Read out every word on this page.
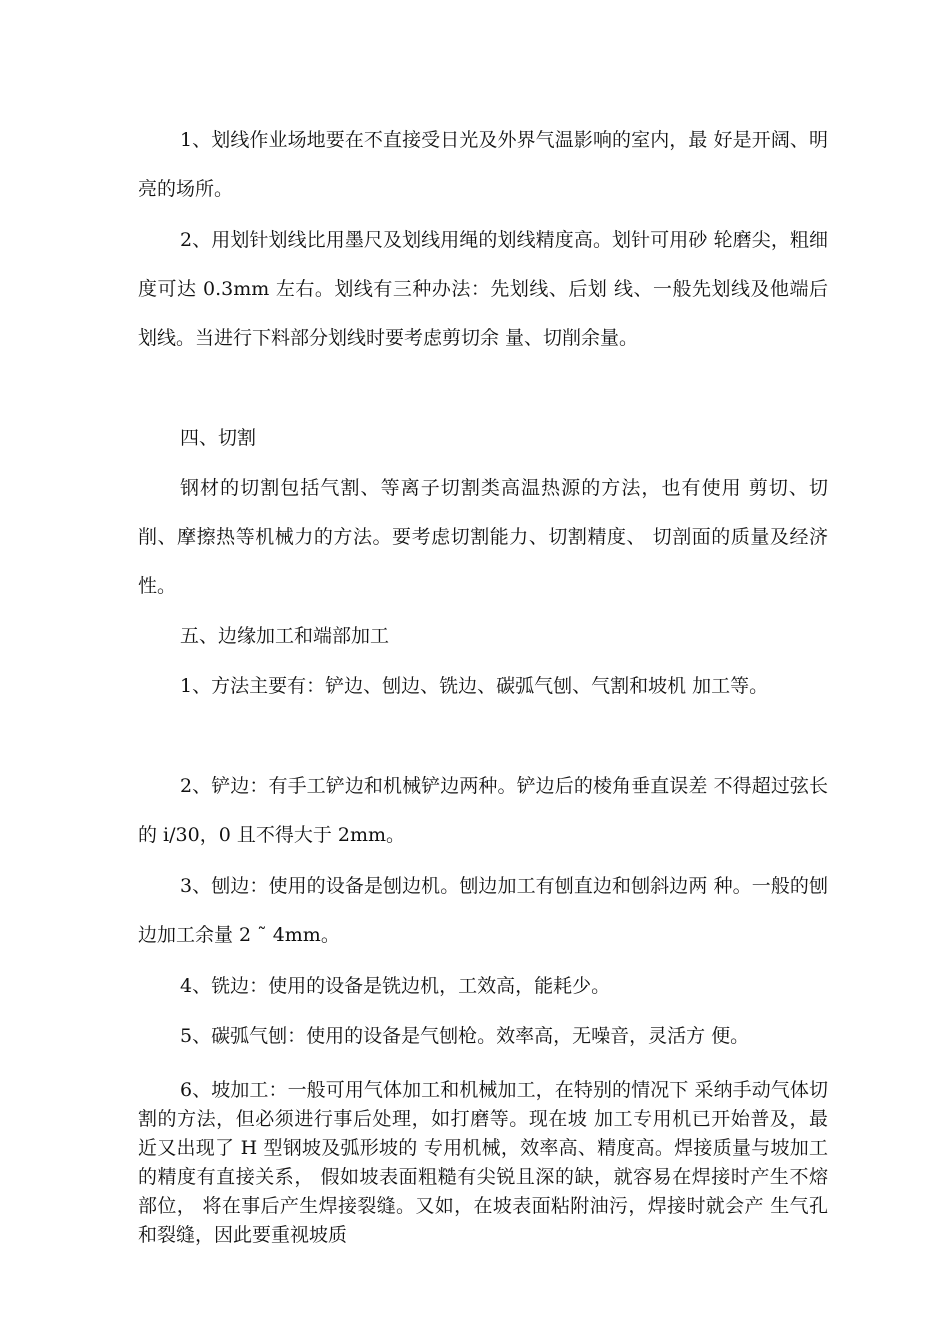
1、划线作业场地要在不直接受日光及外界气温影响的室内，最 好是开阔、明亮的场所。

2、用划针划线比用墨尺及划线用绳的划线精度高。划针可用砂 轮磨尖，粗细度可达 0.3mm 左右。划线有三种办法：先划线、后划 线、一般先划线及他端后划线。当进行下料部分划线时要考虑剪切余 量、切削余量。

四、切割

钢材的切割包括气割、等离子切割类高温热源的方法，也有使用 剪切、切削、摩擦热等机械力的方法。要考虑切割能力、切割精度、 切剖面的质量及经济性。

五、边缘加工和端部加工

1、方法主要有：铲边、刨边、铣边、碳弧气刨、气割和坡机 加工等。

2、铲边：有手工铲边和机械铲边两种。铲边后的棱角垂直误差 不得超过弦长的 i/30，0 且不得大于 2mm。

3、刨边：使用的设备是刨边机。刨边加工有刨直边和刨斜边两 种。一般的刨边加工余量 2 ˜ 4mm。

4、铣边：使用的设备是铣边机，工效高，能耗少。

5、碳弧气刨：使用的设备是气刨枪。效率高，无噪音，灵活方 便。

6、坡加工：一般可用气体加工和机械加工，在特别的情况下 采纳手动气体切割的方法，但必须进行事后处理，如打磨等。现在坡 加工专用机已开始普及，最近又出现了 H 型钢坡及弧形坡的 专用机械，效率高、精度高。焊接质量与坡加工的精度有直接关系， 假如坡表面粗糙有尖锐且深的缺，就容易在焊接时产生不熔部位， 将在事后产生焊接裂缝。又如，在坡表面粘附油污，焊接时就会产 生气孔和裂缝，因此要重视坡质
